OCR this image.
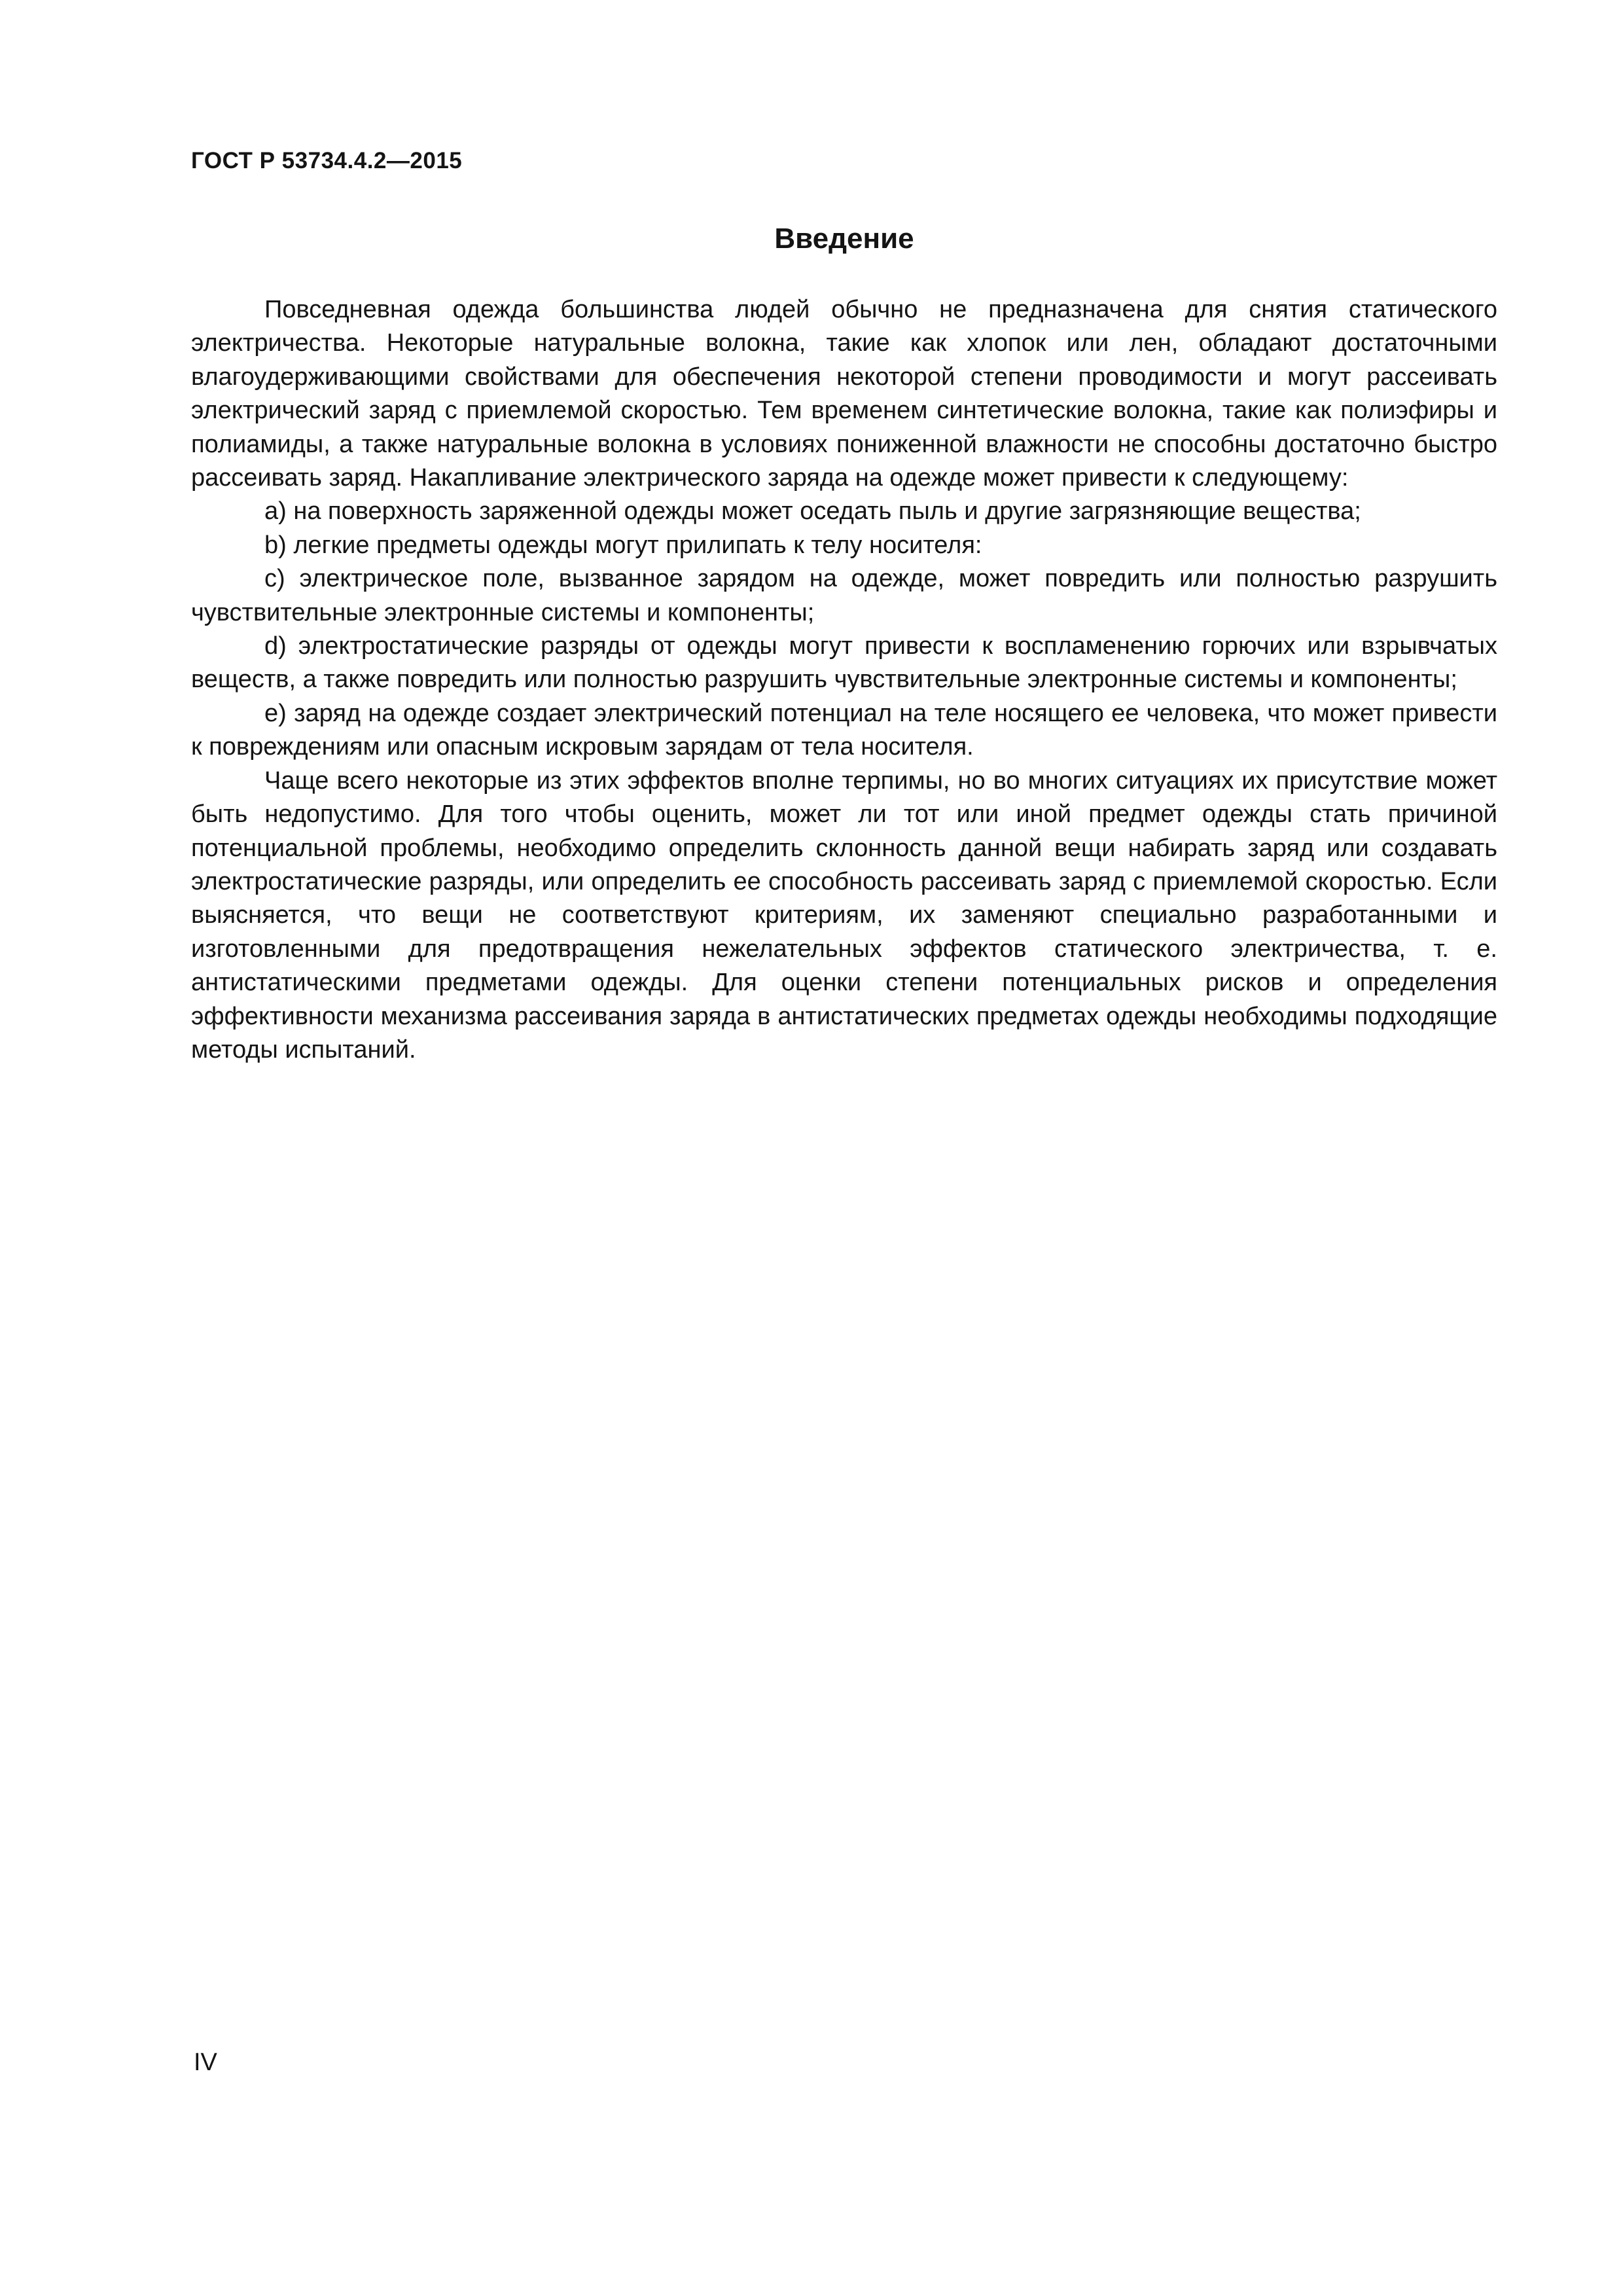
ГОСТ Р 53734.4.2—2015
Введение

Повседневная одежда большинства людей обычно не предназначена для снятия статического электричества. Некоторые натуральные волокна, такие как хлопок или лен, обладают достаточными влагоудерживающими свойствами для обеспечения некоторой степени проводимости и могут рассеивать электрический заряд с приемлемой скоростью. Тем временем синтетические волокна, такие как полиэфиры и полиамиды, а также натуральные волокна в условиях пониженной влажности не способны достаточно быстро рассеивать заряд. Накапливание электрического заряда на одежде может привести к следующему:

a) на поверхность заряженной одежды может оседать пыль и другие загрязняющие вещества;

b) легкие предметы одежды могут прилипать к телу носителя:

c) электрическое поле, вызванное зарядом на одежде, может повредить или полностью разрушить чувствительные электронные системы и компоненты;

d) электростатические разряды от одежды могут привести к воспламенению горючих или взрывчатых веществ, а также повредить или полностью разрушить чувствительные электронные системы и компоненты;

e) заряд на одежде создает электрический потенциал на теле носящего ее человека, что может привести к повреждениям или опасным искровым зарядам от тела носителя.

Чаще всего некоторые из этих эффектов вполне терпимы, но во многих ситуациях их присутствие может быть недопустимо. Для того чтобы оценить, может ли тот или иной предмет одежды стать причиной потенциальной проблемы, необходимо определить склонность данной вещи набирать заряд или создавать электростатические разряды, или определить ее способность рассеивать заряд с приемлемой скоростью. Если выясняется, что вещи не соответствуют критериям, их заменяют специально разработанными и изготовленными для предотвращения нежелательных эффектов статического электричества, т. е. антистатическими предметами одежды. Для оценки степени потенциальных рисков и определения эффективности механизма рассеивания заряда в антистатических предметах одежды необходимы подходящие методы испытаний.

IV
